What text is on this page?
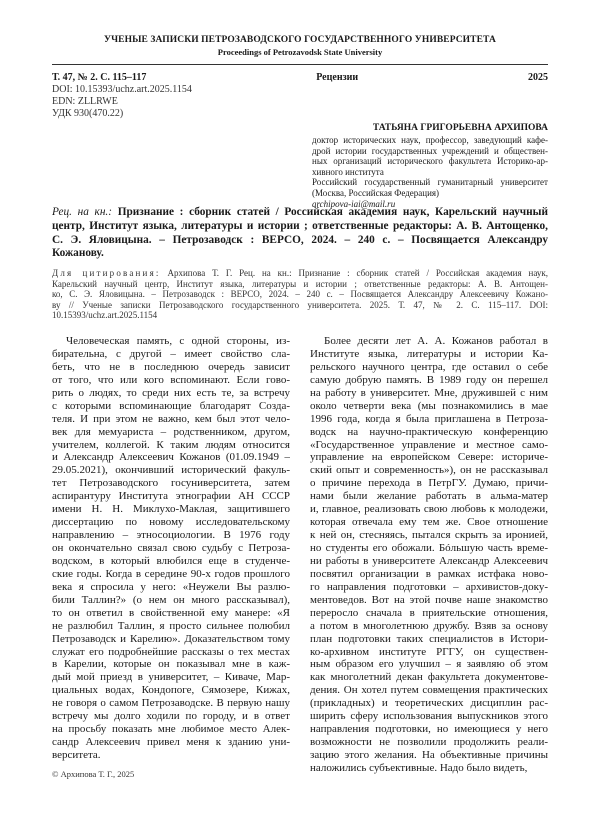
УЧЕНЫЕ ЗАПИСКИ ПЕТРОЗАВОДСКОГО ГОСУДАРСТВЕННОГО УНИВЕРСИТЕТА
Proceedings of Petrozavodsk State University
Т. 47, № 2. С. 115–117	Рецензии	2025
DOI: 10.15393/uchz.art.2025.1154
EDN: ZLLRWE
УДК 930(470.22)
ТАТЬЯНА ГРИГОРЬЕВНА АРХИПОВА
доктор исторических наук, профессор, заведующий кафе-
дрой истории государственных учреждений и обществен-
ных организаций исторического факультета Историко-ар-
хивного института
Российский государственный гуманитарный университет
(Москва, Российская Федерация)
archipova-iai@mail.ru
Рец. на кн.: Признание : сборник статей / Российская академия наук, Карельский научный
центр, Институт языка, литературы и истории ; ответственные редакторы: А. В. Антощенко,
С. Э. Яловицына. – Петрозаводск : ВЕРСО, 2024. – 240 с. – Посвящается Александру
Кожанову.
Для цитирования: Архипова Т. Г. Рец. на кн.: Признание : сборник статей / Российская академия наук,
Карельский научный центр, Институт языка, литературы и истории ; ответственные редакторы: А. В. Антощен-
ко, С. Э. Яловицына. – Петрозаводск : ВЕРСО, 2024. – 240 с. – Посвящается Александру Алексеевичу Кожано-
ву // Ученые записки Петрозаводского государственного университета. 2025. Т. 47, № 2. С. 115–117. DOI:
10.15393/uchz.art.2025.1154
Человеческая память, с одной стороны, из-
бирательна, с другой – имеет свойство сла-
беть, что не в последнюю очередь зависит
от того, что или кого вспоминают. Если гово-
рить о людях, то среди них есть те, за встречу
с которыми вспоминающие благодарят Созда-
теля. И при этом не важно, кем был этот чело-
век для мемуариста – родственником, другом,
учителем, коллегой. К таким людям относится
и Александр Алексеевич Кожанов (01.09.1949 –
29.05.2021), окончивший исторический факуль-
тет Петрозаводского госуниверситета, затем
аспирантуру Института этнографии АН СССР
имени Н. Н. Миклухо-Маклая, защитившего
диссертацию по новому исследовательскому
направлению – этносоциологии. В 1976 году
он окончательно связал свою судьбу с Петроза-
водском, в который влюбился еще в студенче-
ские годы. Когда в середине 90-х годов прошлого
века я спросила у него: «Неужели Вы разлю-
били Таллин?» (о нем он много рассказывал),
то он ответил в свойственной ему манере: «Я
не разлюбил Таллин, я просто сильнее полюбил
Петрозаводск и Карелию». Доказательством тому
служат его подробнейшие рассказы о тех местах
в Карелии, которые он показывал мне в каж-
дый мой приезд в университет, – Киваче, Мар-
циальных водах, Кондопоге, Сямозере, Кижах,
не говоря о самом Петрозаводске. В первую нашу
встречу мы долго ходили по городу, и в ответ
на просьбу показать мне любимое место Алек-
сандр Алексеевич привел меня к зданию уни-
верситета.
Более десяти лет А. А. Кожанов работал в
Институте языка, литературы и истории Ка-
рельского научного центра, где оставил о себе
самую добрую память. В 1989 году он перешел
на работу в университет. Мне, дружившей с ним
около четверти века (мы познакомились в мае
1996 года, когда я была приглашена в Петроза-
водск на научно-практическую конференцию
«Государственное управление и местное само-
управление на европейском Севере: историче-
ский опыт и современность»), он не рассказывал
о причине перехода в ПетрГУ. Думаю, причи-
нами были желание работать в альма-матер
и, главное, реализовать свою любовь к молодежи,
которая отвечала ему тем же. Свое отношение
к ней он, стесняясь, пытался скрыть за иронией,
но студенты его обожали. Бóльшую часть време-
ни работы в университете Александр Алексеевич
посвятил организации в рамках истфака ново-
го направления подготовки – архивистов-доку-
ментоведов. Вот на этой почве наше знакомство
переросло сначала в приятельские отношения,
а потом в многолетнюю дружбу. Взяв за основу
план подготовки таких специалистов в Истори-
ко-архивном институте РГГУ, он существен-
ным образом его улучшил – я заявляю об этом
как многолетний декан факультета документове-
дения. Он хотел путем совмещения практических
(прикладных) и теоретических дисциплин рас-
ширить сферу использования выпускников этого
направления подготовки, но имеющиеся у него
возможности не позволили продолжить реали-
зацию этого желания. На объективные причины
наложились субъективные. Надо было видеть,
© Архипова Т. Г., 2025
